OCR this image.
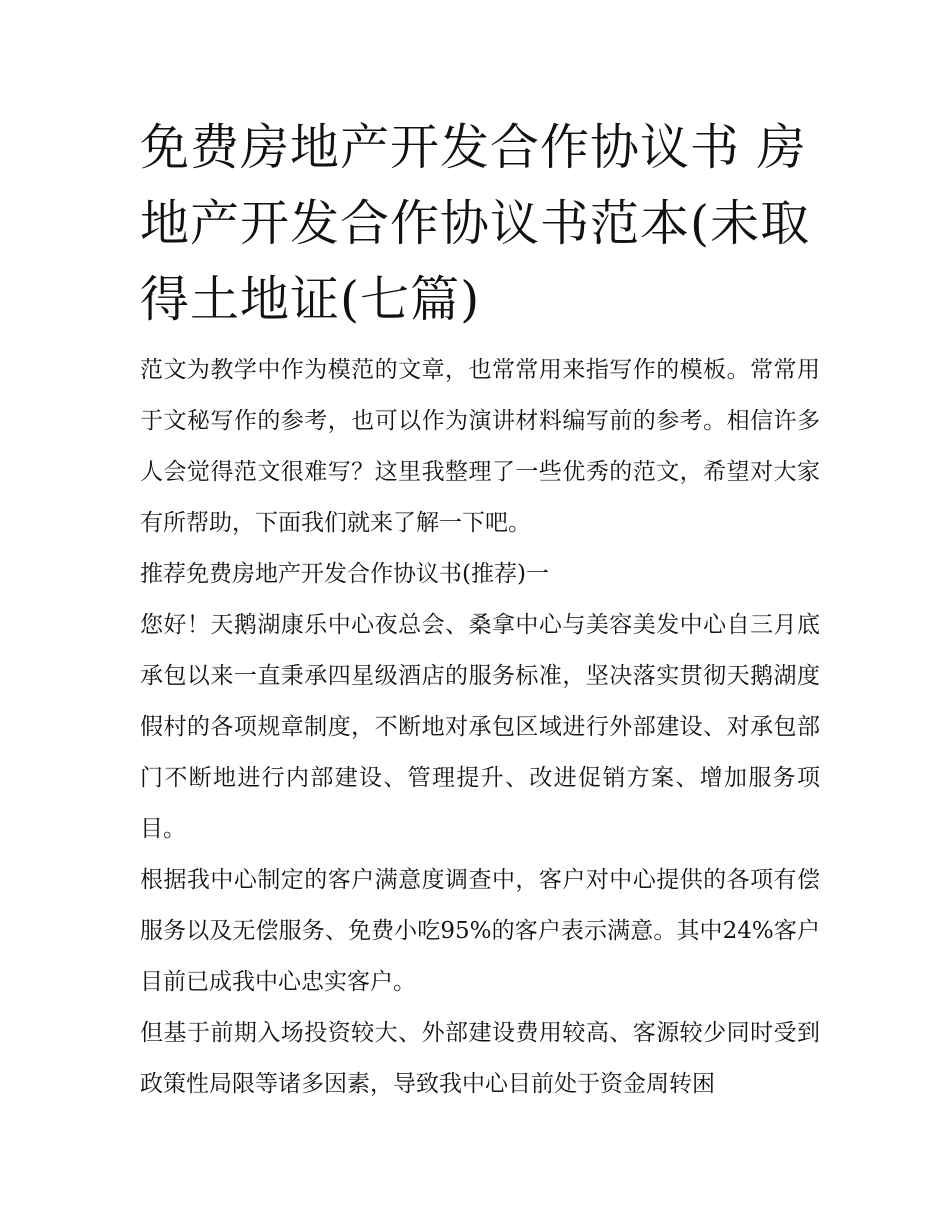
免费房地产开发合作协议书 房地产开发合作协议书范本(未取得土地证(七篇)

范文为教学中作为模范的文章，也常常用来指写作的模板。常常用于文秘写作的参考，也可以作为演讲材料编写前的参考。相信许多人会觉得范文很难写？这里我整理了一些优秀的范文，希望对大家有所帮助，下面我们就来了解一下吧。

推荐免费房地产开发合作协议书(推荐)一

您好！天鹅湖康乐中心夜总会、桑拿中心与美容美发中心自三月底承包以来一直秉承四星级酒店的服务标准，坚决落实贯彻天鹅湖度假村的各项规章制度，不断地对承包区域进行外部建设、对承包部门不断地进行内部建设、管理提升、改进促销方案、增加服务项目。

根据我中心制定的客户满意度调查中，客户对中心提供的各项有偿服务以及无偿服务、免费小吃95%的客户表示满意。其中24%客户目前已成我中心忠实客户。

但基于前期入场投资较大、外部建设费用较高、客源较少同时受到政策性局限等诸多因素，导致我中心目前处于资金周转困
